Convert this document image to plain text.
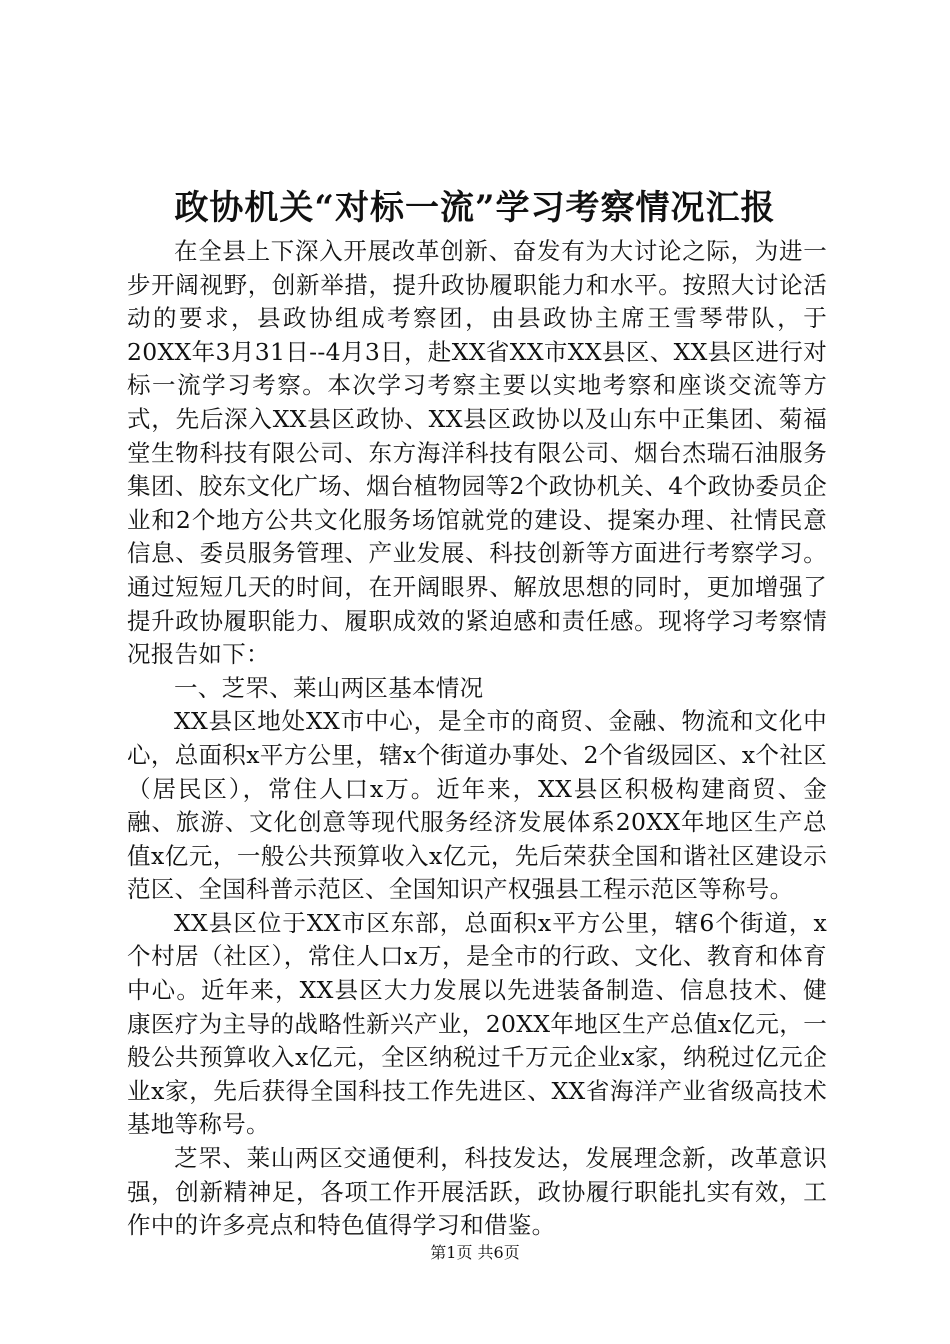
政协机关“对标一流”学习考察情况汇报

在全县上下深入开展改革创新、奋发有为大讨论之际，为进一步开阔视野，创新举措，提升政协履职能力和水平。按照大讨论活动的要求，县政协组成考察团，由县政协主席王雪琴带队，于20XX年3月31日--4月3日，赴XX省XX市XX县区、XX县区进行对标一流学习考察。本次学习考察主要以实地考察和座谈交流等方式，先后深入XX县区政协、XX县区政协以及山东中正集团、菊福堂生物科技有限公司、东方海洋科技有限公司、烟台杰瑞石油服务集团、胶东文化广场、烟台植物园等2个政协机关、4个政协委员企业和2个地方公共文化服务场馆就党的建设、提案办理、社情民意信息、委员服务管理、产业发展、科技创新等方面进行考察学习。通过短短几天的时间，在开阔眼界、解放思想的同时，更加增强了提升政协履职能力、履职成效的紧迫感和责任感。现将学习考察情况报告如下：

一、芝罘、莱山两区基本情况

XX县区地处XX市中心，是全市的商贸、金融、物流和文化中心，总面积x平方公里，辖x个街道办事处、2个省级园区、x个社区（居民区），常住人口x万。近年来，XX县区积极构建商贸、金融、旅游、文化创意等现代服务经济发展体系20XX年地区生产总值x亿元，一般公共预算收入x亿元，先后荣获全国和谐社区建设示范区、全国科普示范区、全国知识产权强县工程示范区等称号。

XX县区位于XX市区东部，总面积x平方公里，辖6个街道，x个村居（社区），常住人口x万，是全市的行政、文化、教育和体育中心。近年来，XX县区大力发展以先进装备制造、信息技术、健康医疗为主导的战略性新兴产业，20XX年地区生产总值x亿元，一般公共预算收入x亿元，全区纳税过千万元企业x家，纳税过亿元企业x家，先后获得全国科技工作先进区、XX省海洋产业省级高技术基地等称号。

芝罘、莱山两区交通便利，科技发达，发展理念新，改革意识强，创新精神足，各项工作开展活跃，政协履行职能扎实有效，工作中的许多亮点和特色值得学习和借鉴。

第1页 共6页
